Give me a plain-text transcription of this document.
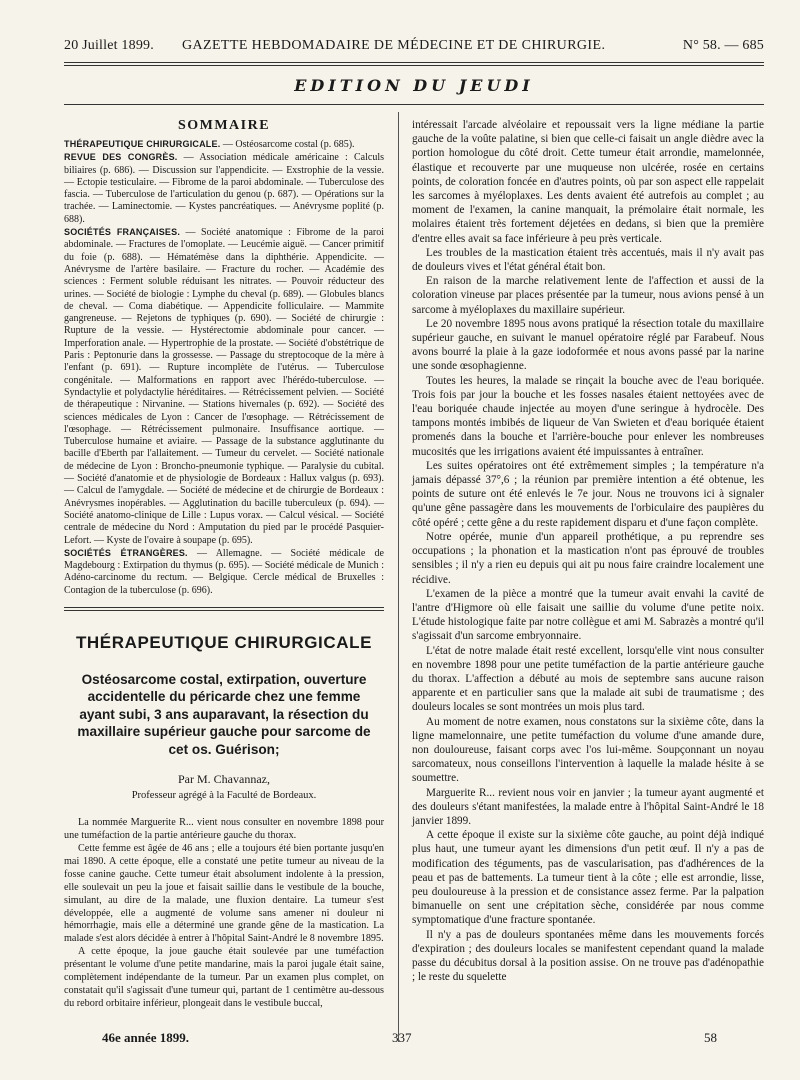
20 Juillet 1899. GAZETTE HEBDOMADAIRE DE MÉDECINE ET DE CHIRURGIE.	N° 58. — 685
EDITION DU JEUDI
SOMMAIRE

THÉRAPEUTIQUE CHIRURGICALE. — Ostéosarcome costal (p. 685).

REVUE DES CONGRÈS. — Association médicale américaine : Calculs biliaires (p. 686). — Discussion sur l'appendicite. — Exstrophie de la vessie. — Ectopie testiculaire. — Fibrome de la paroi abdominale. — Tuberculose des fascia. — Tuberculose de l'articulation du genou (p. 687). — Opérations sur la trachée. — Laminectomie. — Kystes pancréatiques. — Anévrysme poplité (p. 688).

SOCIÉTÉS FRANÇAISES. — Société anatomique : Fibrome de la paroi abdominale. — Fractures de l'omoplate. — Leucémie aiguë. — Cancer primitif du foie (p. 688). — Hématémèse dans la diphthérie. Appendicite. — Anévrysme de l'artère basilaire. — Fracture du rocher. — Académie des sciences : Ferment soluble réduisant les nitrates. — Pouvoir réducteur des urines. — Société de biologie : Lymphe du cheval (p. 689). — Globules blancs de cheval. — Coma diabétique. — Appendicite folliculaire. — Mammite gangreneuse. — Rejetons de typhiques (p. 690). — Société de chirurgie : Rupture de la vessie. — Hystérectomie abdominale pour cancer. — Imperforation anale. — Hypertrophie de la prostate. — Société d'obstétrique de Paris : Peptonurie dans la grossesse. — Passage du streptocoque de la mère à l'enfant (p. 691). — Rupture incomplète de l'utérus. — Tuberculose congénitale. — Malformations en rapport avec l'hérédo-tuberculose. — Syndactylie et polydactylie héréditaires. — Rétrécissement pelvien. — Société de thérapeutique : Nirvanine. — Stations hivernales (p. 692). — Société des sciences médicales de Lyon : Cancer de l'œsophage. — Rétrécissement de l'œsophage. — Rétrécissement pulmonaire. Insuffisance aortique. — Tuberculose humaine et aviaire. — Passage de la substance agglutinante du bacille d'Eberth par l'allaitement. — Tumeur du cervelet. — Société nationale de médecine de Lyon : Broncho-pneumonie typhique. — Paralysie du cubital. — Société d'anatomie et de physiologie de Bordeaux : Hallux valgus (p. 693). — Calcul de l'amygdale. — Société de médecine et de chirurgie de Bordeaux : Anévrysmes inopérables. — Agglutination du bacille tuberculeux (p. 694). — Société anatomo-clinique de Lille : Lupus vorax. — Calcul vésical. — Société centrale de médecine du Nord : Amputation du pied par le procédé Pasquier-Lefort. — Kyste de l'ovaire à soupape (p. 695).

SOCIÉTÉS ÉTRANGÈRES. — Allemagne. — Société médicale de Magdebourg : Extirpation du thymus (p. 695). — Société médicale de Munich : Adéno-carcinome du rectum. — Belgique. Cercle médical de Bruxelles : Contagion de la tuberculose (p. 696).

THÉRAPEUTIQUE CHIRURGICALE
Ostéosarcome costal, extirpation, ouverture accidentelle du péricarde chez une femme ayant subi, 3 ans auparavant, la résection du maxillaire supérieur gauche pour sarcome de cet os. Guérison;
Par M. Chavannaz,
Professeur agrégé à la Faculté de Bordeaux.

La nommée Marguerite R... vient nous consulter en novembre 1898 pour une tuméfaction de la partie antérieure gauche du thorax.

Cette femme est âgée de 46 ans ; elle a toujours été bien portante jusqu'en mai 1890. A cette époque, elle a constaté une petite tumeur au niveau de la fosse canine gauche. Cette tumeur était absolument indolente à la pression, elle soulevait un peu la joue et faisait saillie dans le vestibule de la bouche, simulant, au dire de la malade, une fluxion dentaire. La tumeur s'est développée, elle a augmenté de volume sans amener ni douleur ni hémorrhagie, mais elle a déterminé une grande gêne de la mastication. La malade s'est alors décidée à entrer à l'hôpital Saint-André le 8 novembre 1895.

A cette époque, la joue gauche était soulevée par une tuméfaction présentant le volume d'une petite mandarine, mais la paroi jugale était saine, complètement indépendante de la tumeur. Par un examen plus complet, on constatait qu'il s'agissait d'une tumeur qui, partant de 1 centimètre au-dessous du rebord orbitaire inférieur, plongeait dans le vestibule buccal,

intéressait l'arcade alvéolaire et repoussait vers la ligne médiane la partie gauche de la voûte palatine, si bien que celle-ci faisait un angle dièdre avec la portion homologue du côté droit. Cette tumeur était arrondie, mamelonnée, élastique et recouverte par une muqueuse non ulcérée, rosée en certains points, de coloration foncée en d'autres points, où par son aspect elle rappelait les sarcomes à myéloplaxes. Les dents avaient été autrefois au complet ; au moment de l'examen, la canine manquait, la prémolaire était normale, les molaires étaient très fortement déjetées en dedans, si bien que la première d'entre elles avait sa face inférieure à peu près verticale.

Les troubles de la mastication étaient très accentués, mais il n'y avait pas de douleurs vives et l'état général était bon.

En raison de la marche relativement lente de l'affection et aussi de la coloration vineuse par places présentée par la tumeur, nous avions pensé à un sarcome à myéloplaxes du maxillaire supérieur.

Le 20 novembre 1895 nous avons pratiqué la résection totale du maxillaire supérieur gauche, en suivant le manuel opératoire réglé par Farabeuf. Nous avons bourré la plaie à la gaze iodoformée et nous avons passé par la narine une sonde œsophagienne.

Toutes les heures, la malade se rinçait la bouche avec de l'eau boriquée. Trois fois par jour la bouche et les fosses nasales étaient nettoyées avec de l'eau boriquée chaude injectée au moyen d'une seringue à hydrocèle. Des tampons montés imbibés de liqueur de Van Swieten et d'eau boriquée étaient promenés dans la bouche et l'arrière-bouche pour enlever les nombreuses mucosités que les irrigations avaient été impuissantes à entraîner.

Les suites opératoires ont été extrêmement simples ; la température n'a jamais dépassé 37°,6 ; la réunion par première intention a été obtenue, les points de suture ont été enlevés le 7e jour. Nous ne trouvons ici à signaler qu'une gêne passagère dans les mouvements de l'orbiculaire des paupières du côté opéré ; cette gêne a du reste rapidement disparu et d'une façon complète.

Notre opérée, munie d'un appareil prothétique, a pu reprendre ses occupations ; la phonation et la mastication n'ont pas éprouvé de troubles sensibles ; il n'y a rien eu depuis qui ait pu nous faire craindre localement une récidive.

L'examen de la pièce a montré que la tumeur avait envahi la cavité de l'antre d'Higmore où elle faisait une saillie du volume d'une petite noix. L'étude histologique faite par notre collègue et ami M. Sabrazès a montré qu'il s'agissait d'un sarcome embryonnaire.

L'état de notre malade était resté excellent, lorsqu'elle vint nous consulter en novembre 1898 pour une petite tuméfaction de la partie antérieure gauche du thorax. L'affection a débuté au mois de septembre sans aucune raison apparente et en particulier sans que la malade ait subi de traumatisme ; des douleurs locales se sont montrées un mois plus tard.

Au moment de notre examen, nous constatons sur la sixième côte, dans la ligne mamelonnaire, une petite tuméfaction du volume d'une amande dure, non douloureuse, faisant corps avec l'os lui-même. Soupçonnant un noyau sarcomateux, nous conseillons l'intervention à laquelle la malade hésite à se soumettre.

Marguerite R... revient nous voir en janvier ; la tumeur ayant augmenté et des douleurs s'étant manifestées, la malade entre à l'hôpital Saint-André le 18 janvier 1899.

A cette époque il existe sur la sixième côte gauche, au point déjà indiqué plus haut, une tumeur ayant les dimensions d'un petit œuf. Il n'y a pas de modification des téguments, pas de vascularisation, pas d'adhérences de la peau et pas de battements. La tumeur tient à la côte ; elle est arrondie, lisse, peu douloureuse à la pression et de consistance assez ferme. Par la palpation bimanuelle on sent une crépitation sèche, considérée par nous comme symptomatique d'une fracture spontanée.

Il n'y a pas de douleurs spontanées même dans les mouvements forcés d'expiration ; des douleurs locales se manifestent cependant quand la malade passe du décubitus dorsal à la position assise. On ne trouve pas d'adénopathie ; le reste du squelette

46e année 1899.	337	58
